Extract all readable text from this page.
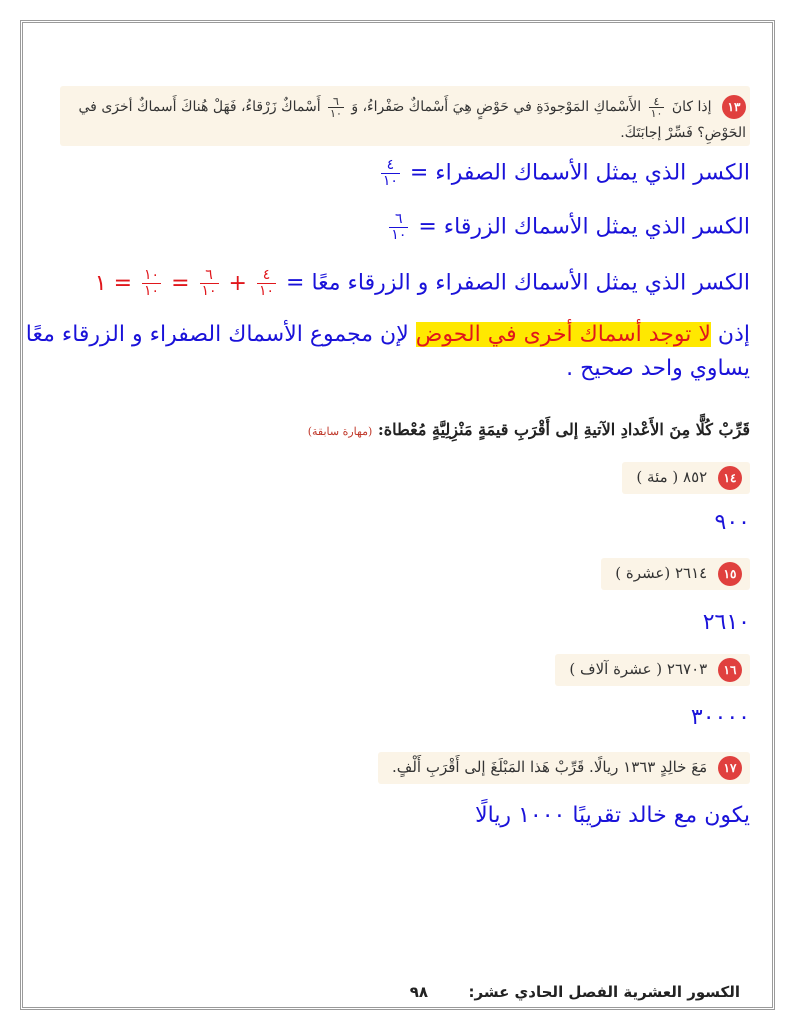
١٣ إذا كانَ
$\frac{٤}{١٠}$
الأَسْماكِ المَوْجودَةِ في حَوْضٍ هِيَ أَسْماكٌ صَفْراءُ، وَ
$\frac{٦}{١٠}$
أَسْماكٌ زَرْقاءُ، فَهَلْ هُناكَ أَسماكٌ أخرَى في
الحَوْضِ؟ فَسِّرْ إجابَتَكَ.
الكسر الذي يمثل الأسماك الصفراء =
$\frac{٤}{١٠}$
الكسر الذي يمثل الأسماك الزرقاء =
$\frac{٦}{١٠}$
الكسر الذي يمثل الأسماك الصفراء و الزرقاء معًا =
$\frac{٤}{١٠}$
+
$\frac{٦}{١٠}$
=
$\frac{١٠}{١٠}$
= ١
إذن لا توجد أسماك أخرى في الحوض لإن مجموع الأسماك الصفراء و الزرقاء معًا
يساوي واحد صحيح .
قَرِّبْ كُلًّا مِنَ الأَعْدادِ الآتيةِ إلى أَقْرَبِ قيمَةٍ مَنْزِلِيَّةٍ مُعْطاة: (مهارة سابقة)
١٤ ٨٥٢ ( مئة )
٩٠٠
١٥ ٢٦١٤ (عشرة )
٢٦١٠
١٦ ٢٦٧٠٣ ( عشرة آلاف )
٣٠٠٠٠
١٧ مَعَ خالِدٍ ١٣٦٣ ريالًا. قَرِّبْ هَذا المَبْلَغَ إلى أَقْرَبِ أَلْفٍ.
يكون مع خالد تقريبًا ١٠٠٠ ريالًا
الكسور العشرية الفصل الحادي عشر:  ٩٨
